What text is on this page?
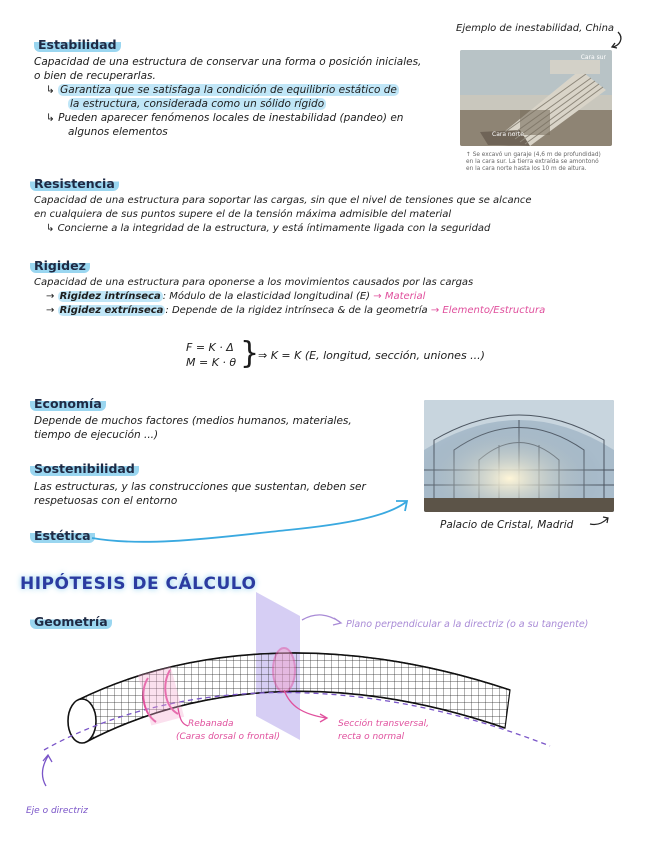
Estabilidad
Capacidad de una estructura de conservar una forma o posición iniciales,
o bien de recuperarlas.
↳ Garantiza que se satisfaga la condición de equilibrio estático de
la estructura, considerada como un sólido rígido
↳ Pueden aparecer fenómenos locales de inestabilidad (pandeo) en
algunos elementos
Ejemplo de inestabilidad, China
Cara sur
Cara norte
↑ Se excavó un garaje (4,6 m de profundidad)
en la cara sur. La tierra extraída se amontonó
en la cara norte hasta los 10 m de altura.
Resistencia
Capacidad de una estructura para soportar las cargas, sin que el nivel de tensiones que se alcance
en cualquiera de sus puntos supere el de la tensión máxima admisible del material
↳ Concierne a la integridad de la estructura, y está íntimamente ligada con la seguridad
Rigidez
Capacidad de una estructura para oponerse a los movimientos causados por las cargas
→ Rigidez intrínseca : Módulo de la elasticidad longitudinal (E) → Material
→ Rigidez extrínseca : Depende de la rigidez intrínseca & de la geometría → Elemento/Estructura
F = K · Δ
M = K · θ }
⇒ K = K (E, longitud, sección, uniones ...)
Economía
Depende de muchos factores (medios humanos, materiales,
tiempo de ejecución ...)
Palacio de Cristal, Madrid
Sostenibilidad
Las estructuras, y las construcciones que sustentan, deben ser
respetuosas con el entorno
Estética
HIPÓTESIS DE CÁLCULO
Geometría	Plano perpendicular a la directriz (o a su tangente)
Rebanada
(Caras dorsal o frontal)
Sección transversal,
recta o normal
Eje o directriz
